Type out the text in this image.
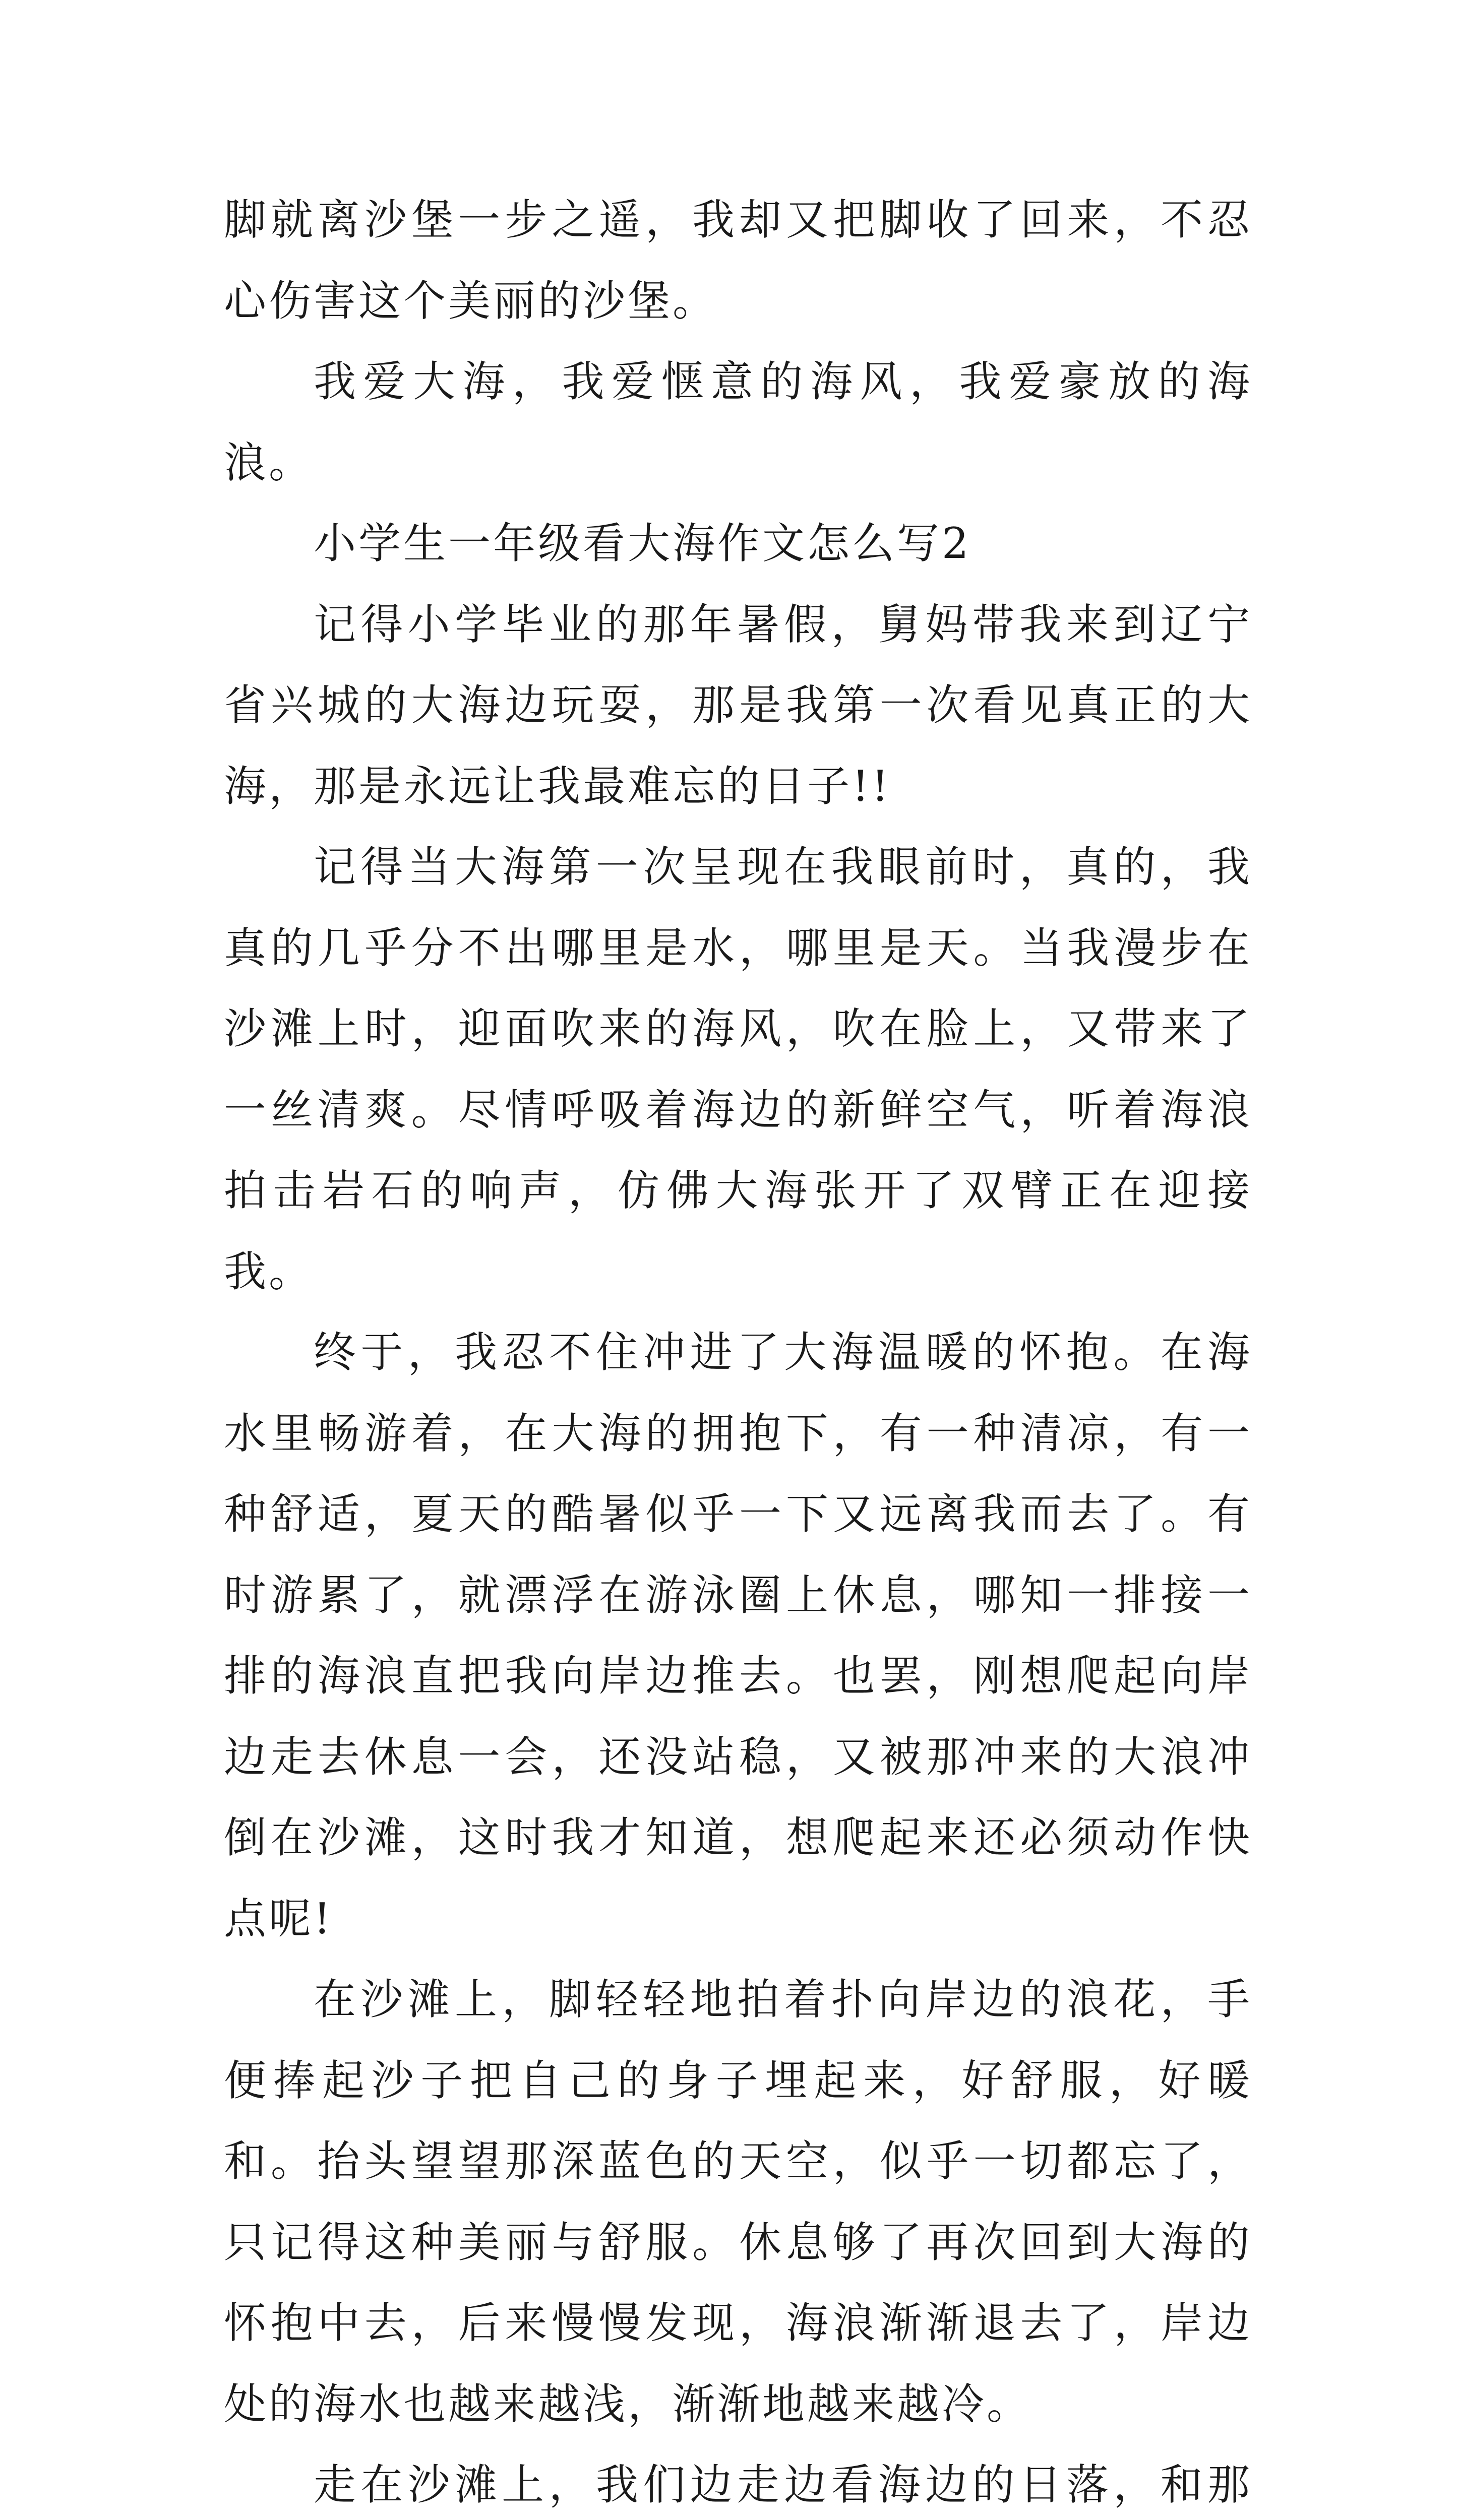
脚就离沙堡一步之遥，我却又把脚收了回来，不忍心伤害这个美丽的沙堡。

我爱大海，我爱惬意的海风，我爱豪放的海浪。

小学生一年级看大海作文怎么写2

记得小学毕业的那年暑假，舅妈带我来到辽宁省兴城的大海边玩耍，那是我第一次看见真正的大海，那是永远让我最难忘的日子!!

记得当大海第一次呈现在我眼前时，真的，我真的几乎分不出哪里是水，哪里是天。当我漫步在沙滩上时，迎面吹来的海风，吹在脸上，又带来了一丝清爽。尽情呼吸着海边的新鲜空气，听着海浪拍击岩石的响声，仿佛大海张开了双臂正在迎接我。

终于，我忍不住冲进了大海温暖的怀抱。在海水里畅游着，在大海的拥抱下，有一种清凉，有一种舒适，夏天的酷暑似乎一下又远离我而去了。有时游累了，就漂浮在游泳圈上休息，哪知一排接一排的海浪直把我向岸边推去。也罢，刚想爬起向岸边走去休息一会，还没站稳，又被那冲来的大浪冲倒在沙滩，这时我才知道，想爬起来还必须动作快点呢!

在沙滩上，脚轻轻地拍着扑向岸边的浪花，手便捧起沙子把自己的身子埋起来，好舒服，好暖和。抬头望望那深蓝色的天空，似乎一切都忘了，只记得这种美丽与舒服。休息够了再次回到大海的怀抱中去，后来慢慢发现，海浪渐渐退去了，岸边处的海水也越来越浅，渐渐地越来越冷。

走在沙滩上，我们边走边看海边的日落，和那
